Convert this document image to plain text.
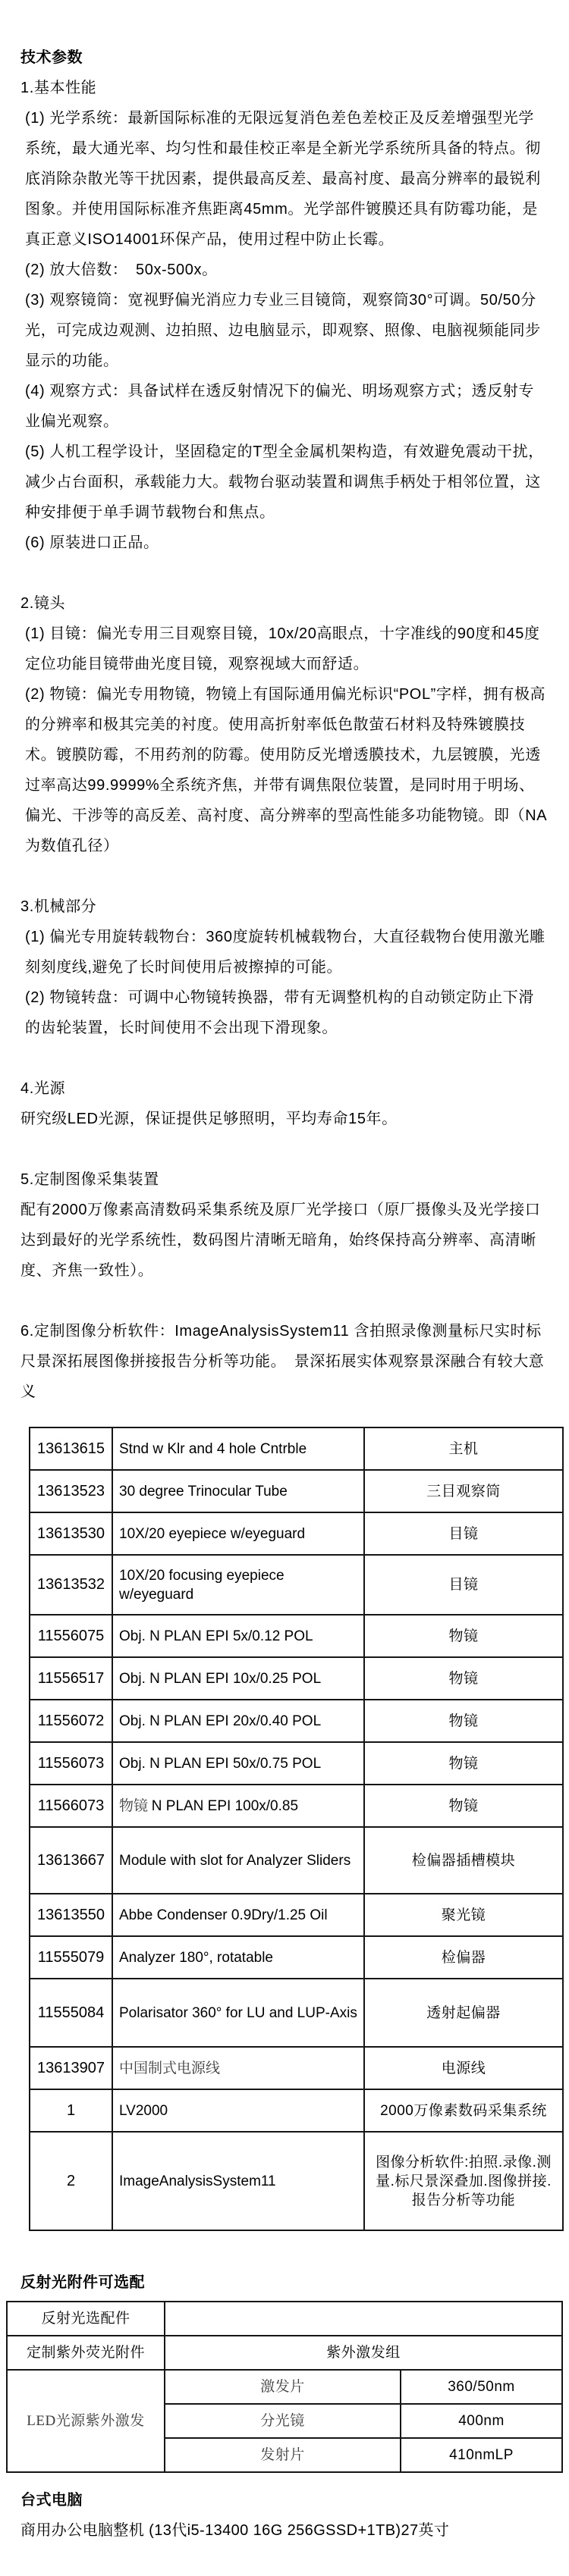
技术参数
1.基本性能
(1) 光学系统：最新国际标准的无限远复消色差色差校正及反差增强型光学系统，最大通光率、均匀性和最佳校正率是全新光学系统所具备的特点。彻底消除杂散光等干扰因素，提供最高反差、最高衬度、最高分辨率的最锐利图象。并使用国际标准齐焦距离45mm。光学部件镀膜还具有防霉功能，是真正意义ISO14001环保产品，使用过程中防止长霉。
(2) 放大倍数：　50x-500x。
(3) 观察镜筒：宽视野偏光消应力专业三目镜筒，观察筒30°可调。50/50分光，可完成边观测、边拍照、边电脑显示，即观察、照像、电脑视频能同步显示的功能。
(4) 观察方式：具备试样在透反射情况下的偏光、明场观察方式；透反射专业偏光观察。
(5) 人机工程学设计，坚固稳定的T型全金属机架构造，有效避免震动干扰，减少占台面积，承载能力大。载物台驱动装置和调焦手柄处于相邻位置，这种安排便于单手调节载物台和焦点。
(6) 原装进口正品。
2.镜头
(1) 目镜：偏光专用三目观察目镜，10x/20高眼点，十字准线的90度和45度定位功能目镜带曲光度目镜，观察视域大而舒适。
(2) 物镜：偏光专用物镜，物镜上有国际通用偏光标识“POL”字样，拥有极高的分辨率和极其完美的衬度。使用高折射率低色散萤石材料及特殊镀膜技术。镀膜防霉，不用药剂的防霉。使用防反光增透膜技术，九层镀膜，光透过率高达99.9999%全系统齐焦，并带有调焦限位装置，是同时用于明场、偏光、干涉等的高反差、高衬度、高分辨率的型高性能多功能物镜。即（NA为数值孔径）
3.机械部分
(1) 偏光专用旋转载物台：360度旋转机械载物台，大直径载物台使用激光雕刻刻度线,避免了长时间使用后被擦掉的可能。
(2) 物镜转盘：可调中心物镜转换器，带有无调整机构的自动锁定防止下滑的齿轮装置，长时间使用不会出现下滑现象。
4.光源
研究级LED光源，保证提供足够照明，平均寿命15年。
5.定制图像采集装置
配有2000万像素高清数码采集系统及原厂光学接口（原厂摄像头及光学接口达到最好的光学系统性，数码图片清晰无暗角，始终保持高分辨率、高清晰度、齐焦一致性）。
6.定制图像分析软件：ImageAnalysisSystem11 含拍照录像测量标尺实时标尺景深拓展图像拼接报告分析等功能。　景深拓展实体观察景深融合有较大意义
13613615	Stnd w Klr and 4 hole Cntrble	主机
13613523	30 degree Trinocular Tube	三目观察筒
13613530	10X/20 eyepiece w/eyeguard	目镜
13613532	10X/20 focusing eyepiece w/eyeguard	目镜
11556075	Obj. N PLAN EPI 5x/0.12 POL	物镜
11556517	Obj. N PLAN EPI 10x/0.25 POL	物镜
11556072	Obj. N PLAN EPI 20x/0.40 POL	物镜
11556073	Obj. N PLAN EPI 50x/0.75 POL	物镜
11566073	物镜 N PLAN EPI 100x/0.85	物镜
13613667	Module with slot for Analyzer Sliders	检偏器插槽模块
13613550	Abbe Condenser 0.9Dry/1.25 Oil	聚光镜
11555079	Analyzer 180°, rotatable	检偏器
11555084	Polarisator 360° for LU and LUP-Axis	透射起偏器
13613907	中国制式电源线	电源线
1	LV2000	2000万像素数码采集系统
2	ImageAnalysisSystem11	图像分析软件:拍照.录像.测量.标尺景深叠加.图像拼接.报告分析等功能
反射光附件可选配
反射光选配件		
定制紫外荧光附件	紫外激发组	
LED光源紫外激发	激发片	360/50nm
	分光镜	400nm
	发射片	410nmLP
台式电脑
商用办公电脑整机 (13代i5-13400 16G 256GSSD+1TB)27英寸
